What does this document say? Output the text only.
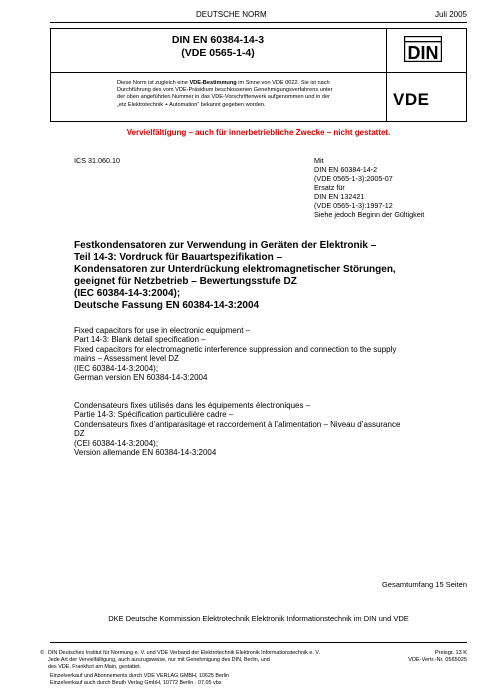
DEUTSCHE NORM	Juli 2005
DIN EN 60384-14-3
(VDE 0565-1-4)	DIN
VDE
Diese Norm ist zugleich eine VDE-Bestimmung im Sinne von VDE 0022. Sie ist nach
Durchführung des vom VDE-Präsidium beschlossenen Genehmigungsverfahrens unter
der oben angeführten Nummer in das VDE-Vorschriftenwerk aufgenommen und in der
„etz Elektrotechnik + Automation“ bekannt gegeben worden.
Vervielfältigung – auch für innerbetriebliche Zwecke – nicht gestattet.
ICS 31.060.10	Mit
DIN EN 60384-14-2
(VDE 0565-1-3):2005-07
Ersatz für
DIN EN 132421
(VDE 0565-1-3):1997-12
Siehe jedoch Beginn der Gültigkeit
Festkondensatoren zur Verwendung in Geräten der Elektronik –
Teil 14-3: Vordruck für Bauartspezifikation –
Kondensatoren zur Unterdrückung elektromagnetischer Störungen,
geeignet für Netzbetrieb – Bewertungsstufe DZ
(IEC 60384-14-3:2004);
Deutsche Fassung EN 60384-14-3:2004
Fixed capacitors for use in electronic equipment –
Part 14-3: Blank detail specification –
Fixed capacitors for electromagnetic interference suppression and connection to the supply
mains – Assessment level DZ
(IEC 60384-14-3:2004);
German version EN 60384-14-3:2004
Condensateurs fixes utilisés dans les équipements électroniques –
Partie 14-3: Spécification particulière cadre –
Condensateurs fixes d’antiparasitage et raccordement à l’alimentation – Niveau d’assurance
DZ
(CEI 60384-14-3:2004);
Version allemande EN 60384-14-3:2004
Gesamtumfang 15 Seiten
DKE Deutsche Kommission Elektrotechnik Elektronik Informationstechnik im DIN und VDE
© DIN Deutsches Institut für Normung e. V. und VDE Verband der Elektrotechnik Elektronik Informationstechnik e. V.
Jede Art der Vervielfältigung, auch auszugsweise, nur mit Genehmigung des DIN, Berlin, und
des VDE, Frankfurt am Main, gestattet.
Einzelverkauf und Abonnements durch VDE VERLAG GMBH, 10625 Berlin
Einzelverkauf auch durch Beuth Verlag GmbH, 10772 Berlin · 07.05 vbs
Preisgr. 13 K
VDE-Vertr.-Nr. 0565025
